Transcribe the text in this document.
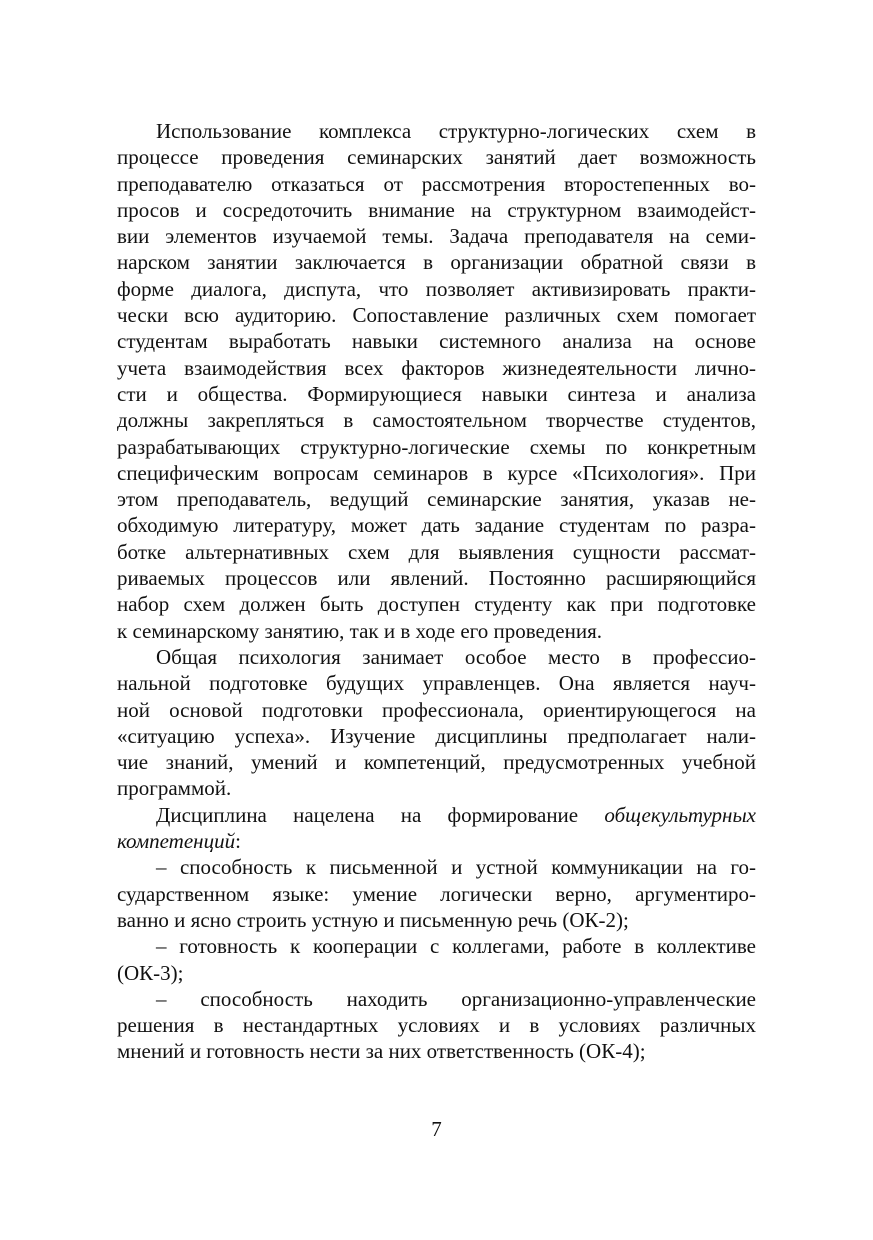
Использование комплекса структурно-логических схем в
процессе проведения семинарских занятий дает возможность
преподавателю отказаться от рассмотрения второстепенных во-
просов и сосредоточить внимание на структурном взаимодейст-
вии элементов изучаемой темы. Задача преподавателя на семи-
нарском занятии заключается в организации обратной связи в
форме диалога, диспута, что позволяет активизировать практи-
чески всю аудиторию. Сопоставление различных схем помогает
студентам выработать навыки системного анализа на основе
учета взаимодействия всех факторов жизнедеятельности лично-
сти и общества. Формирующиеся навыки синтеза и анализа
должны закрепляться в самостоятельном творчестве студентов,
разрабатывающих структурно-логические схемы по конкретным
специфическим вопросам семинаров в курсе «Психология». При
этом преподаватель, ведущий семинарские занятия, указав не-
обходимую литературу, может дать задание студентам по разра-
ботке альтернативных схем для выявления сущности рассмат-
риваемых процессов или явлений. Постоянно расширяющийся
набор схем должен быть доступен студенту как при подготовке
к семинарскому занятию, так и в ходе его проведения.
Общая психология занимает особое место в профессио-
нальной подготовке будущих управленцев. Она является науч-
ной основой подготовки профессионала, ориентирующегося на
«ситуацию успеха». Изучение дисциплины предполагает нали-
чие знаний, умений и компетенций, предусмотренных учебной
программой.
Дисциплина нацелена на формирование общекультурных
компетенций:
– способность к письменной и устной коммуникации на го-
сударственном языке: умение логически верно, аргументиро-
ванно и ясно строить устную и письменную речь (ОК-2);
– готовность к кооперации с коллегами, работе в коллективе
(ОК-3);
– способность находить организационно-управленческие
решения в нестандартных условиях и в условиях различных
мнений и готовность нести за них ответственность (ОК-4);
7
